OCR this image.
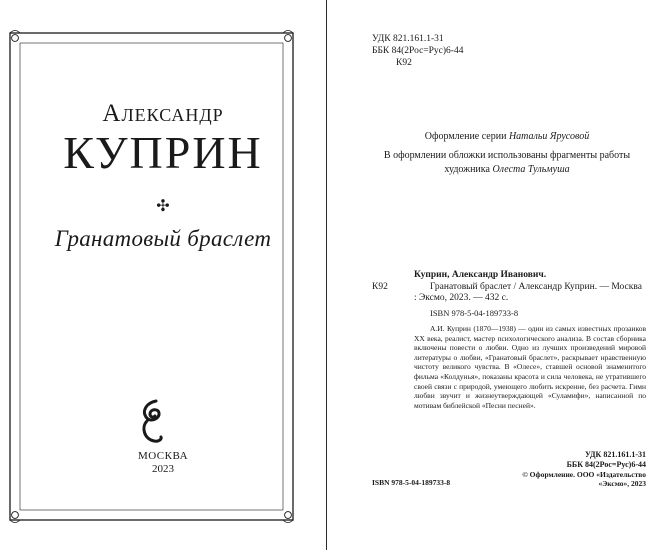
Александр
КУПРИН
✣
Гранатовый браслет
МОСКВА
2023
УДК 821.161.1-31
ББК 84(2Рос=Рус)6-44
К92
Оформление серии Натальи Ярусовой
В оформлении обложки использованы фрагменты работы художника Олеста Тульмуша
Куприн, Александр Иванович.
К92	Гранатовый браслет / Александр Куприн. — Москва : Эксмо, 2023. — 432 с.
ISBN 978-5-04-189733-8
А.И. Куприн (1870—1938) — один из самых известных прозаиков XX века, реалист, мастер психологического анализа. В состав сборника включены повести о любви. Одно из лучших произведений мировой литературы о любви, «Гранатовый браслет», раскрывает нравственную чистоту великого чувства. В «Олесе», ставшей основой знаменитого фильма «Колдунья», показаны красота и сила человека, не утратившего своей связи с природой, умеющего любить искренне, без расчета. Гимн любви звучит и жизнеутверждающей «Суламифи», написанной по мотивам библейской «Песни песней».
УДК 821.161.1-31
ББК 84(2Рос=Рус)6-44
ISBN 978-5-04-189733-8
© Оформление. ООО «Издательство
«Эксмо», 2023
